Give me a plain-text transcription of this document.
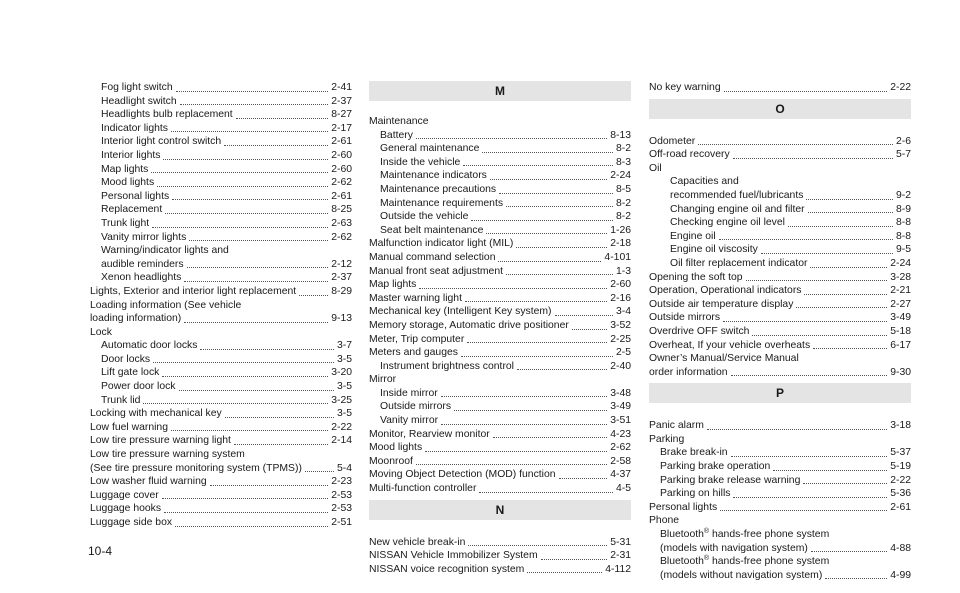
Fog light switch	2-41
Headlight switch	2-37
Headlights bulb replacement	8-27
Indicator lights	2-17
Interior light control switch	2-61
Interior lights	2-60
Map lights	2-60
Mood lights	2-62
Personal lights	2-61
Replacement	8-25
Trunk light	2-63
Vanity mirror lights	2-62
Warning/indicator lights and
audible reminders	2-12
Xenon headlights	2-37
Lights, Exterior and interior light replacement	8-29
Loading information (See vehicle
loading information)	9-13
Lock
Automatic door locks	3-7
Door locks	3-5
Lift gate lock	3-20
Power door lock	3-5
Trunk lid	3-25
Locking with mechanical key	3-5
Low fuel warning	2-22
Low tire pressure warning light	2-14
Low tire pressure warning system
(See tire pressure monitoring system (TPMS))	5-4
Low washer fluid warning	2-23
Luggage cover	2-53
Luggage hooks	2-53
Luggage side box	2-51
M
Maintenance
Battery	8-13
General maintenance	8-2
Inside the vehicle	8-3
Maintenance indicators	2-24
Maintenance precautions	8-5
Maintenance requirements	8-2
Outside the vehicle	8-2
Seat belt maintenance	1-26
Malfunction indicator light (MIL)	2-18
Manual command selection	4-101
Manual front seat adjustment	1-3
Map lights	2-60
Master warning light	2-16
Mechanical key (Intelligent Key system)	3-4
Memory storage, Automatic drive positioner	3-52
Meter, Trip computer	2-25
Meters and gauges	2-5
Instrument brightness control	2-40
Mirror
Inside mirror	3-48
Outside mirrors	3-49
Vanity mirror	3-51
Monitor, Rearview monitor	4-23
Mood lights	2-62
Moonroof	2-58
Moving Object Detection (MOD) function	4-37
Multi-function controller	4-5
N
New vehicle break-in	5-31
NISSAN Vehicle Immobilizer System	2-31
NISSAN voice recognition system	4-112
No key warning	2-22
O
Odometer	2-6
Off-road recovery	5-7
Oil
Capacities and
recommended fuel/lubricants	9-2
Changing engine oil and filter	8-9
Checking engine oil level	8-8
Engine oil	8-8
Engine oil viscosity	9-5
Oil filter replacement indicator	2-24
Opening the soft top	3-28
Operation, Operational indicators	2-21
Outside air temperature display	2-27
Outside mirrors	3-49
Overdrive OFF switch	5-18
Overheat, If your vehicle overheats	6-17
Owner’s Manual/Service Manual
order information	9-30
P
Panic alarm	3-18
Parking
Brake break-in	5-37
Parking brake operation	5-19
Parking brake release warning	2-22
Parking on hills	5-36
Personal lights	2-61
Phone
Bluetooth® hands-free phone system
(models with navigation system)	4-88
Bluetooth® hands-free phone system
(models without navigation system)	4-99
10-4
